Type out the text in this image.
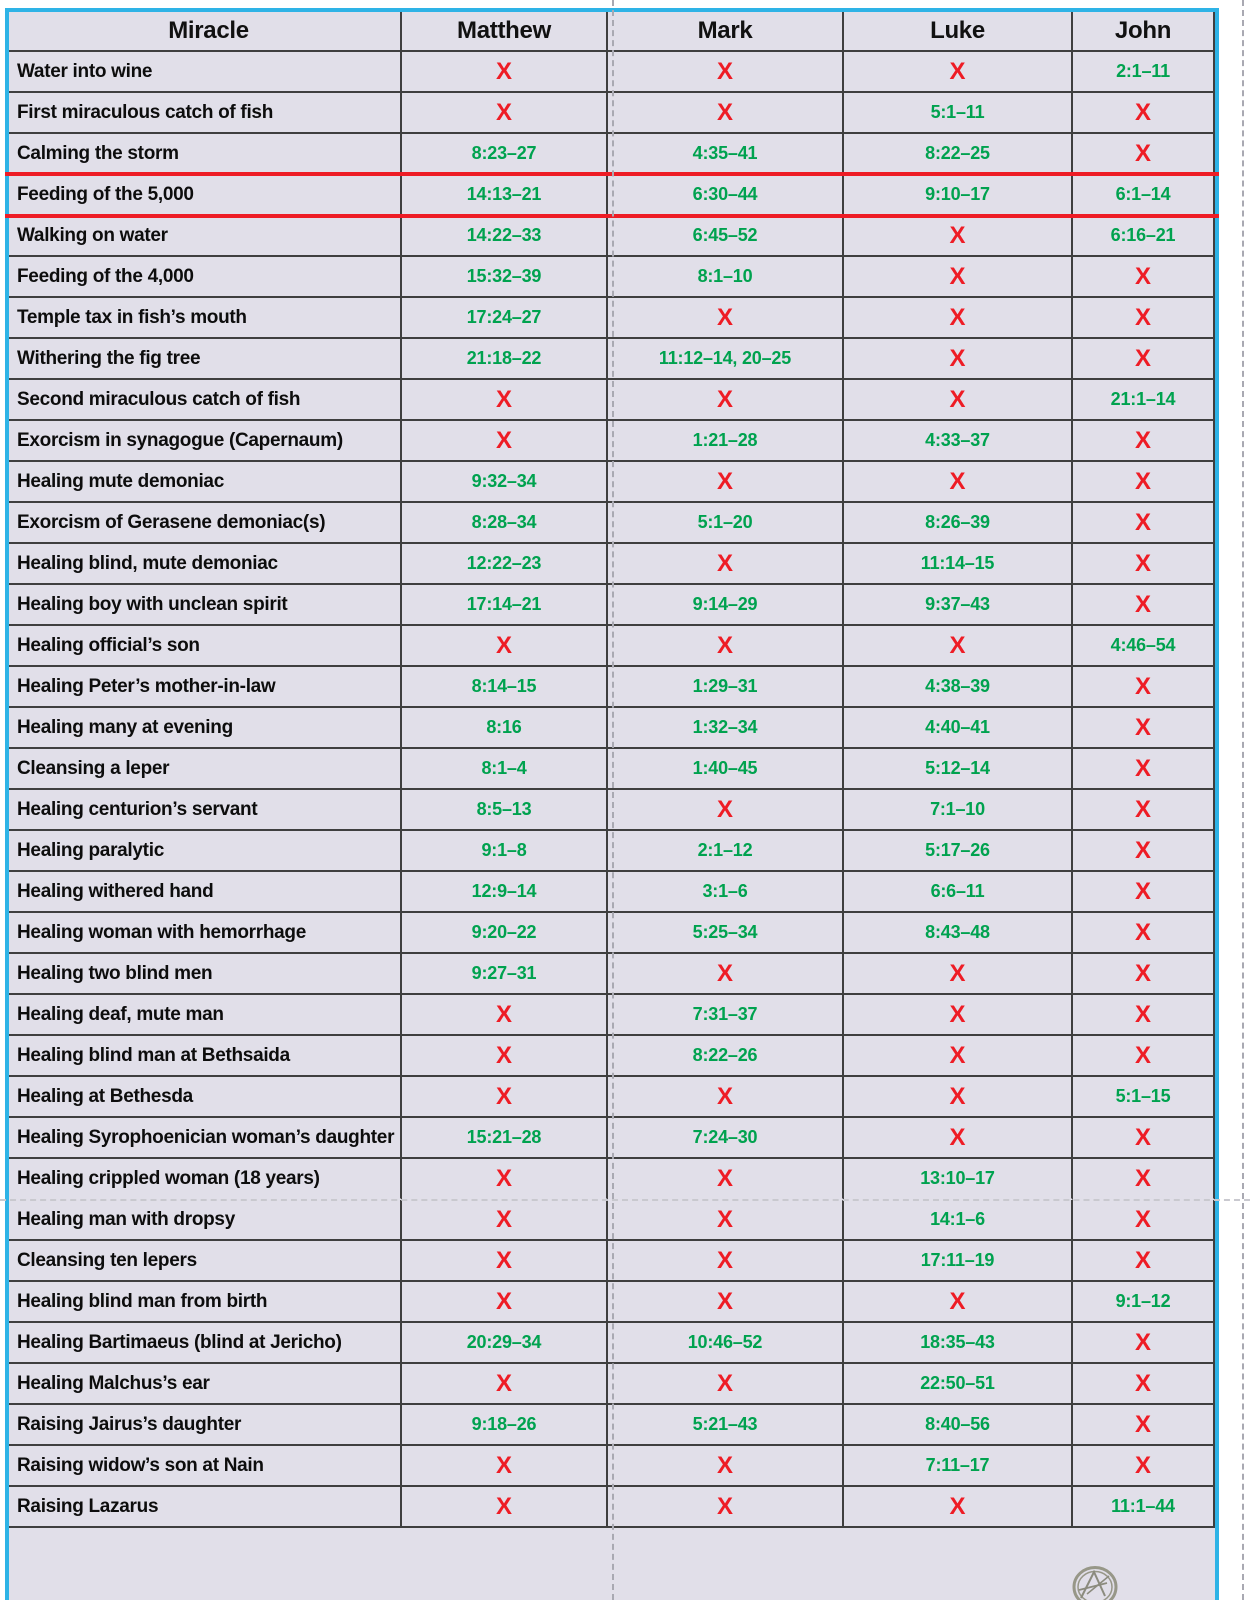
Miracle	Matthew	Mark	Luke	John
Water into wine	X	X	X	2:1–11
First miraculous catch of fish	X	X	5:1–11	X
Calming the storm	8:23–27	4:35–41	8:22–25	X
Feeding of the 5,000	14:13–21	6:30–44	9:10–17	6:1–14
Walking on water	14:22–33	6:45–52	X	6:16–21
Feeding of the 4,000	15:32–39	8:1–10	X	X
Temple tax in fish’s mouth	17:24–27	X	X	X
Withering the fig tree	21:18–22	11:12–14, 20–25	X	X
Second miraculous catch of fish	X	X	X	21:1–14
Exorcism in synagogue (Capernaum)	X	1:21–28	4:33–37	X
Healing mute demoniac	9:32–34	X	X	X
Exorcism of Gerasene demoniac(s)	8:28–34	5:1–20	8:26–39	X
Healing blind, mute demoniac	12:22–23	X	11:14–15	X
Healing boy with unclean spirit	17:14–21	9:14–29	9:37–43	X
Healing official’s son	X	X	X	4:46–54
Healing Peter’s mother-in-law	8:14–15	1:29–31	4:38–39	X
Healing many at evening	8:16	1:32–34	4:40–41	X
Cleansing a leper	8:1–4	1:40–45	5:12–14	X
Healing centurion’s servant	8:5–13	X	7:1–10	X
Healing paralytic	9:1–8	2:1–12	5:17–26	X
Healing withered hand	12:9–14	3:1–6	6:6–11	X
Healing woman with hemorrhage	9:20–22	5:25–34	8:43–48	X
Healing two blind men	9:27–31	X	X	X
Healing deaf, mute man	X	7:31–37	X	X
Healing blind man at Bethsaida	X	8:22–26	X	X
Healing at Bethesda	X	X	X	5:1–15
Healing Syrophoenician woman’s daughter	15:21–28	7:24–30	X	X
Healing crippled woman (18 years)	X	X	13:10–17	X
Healing man with dropsy	X	X	14:1–6	X
Cleansing ten lepers	X	X	17:11–19	X
Healing blind man from birth	X	X	X	9:1–12
Healing Bartimaeus (blind at Jericho)	20:29–34	10:46–52	18:35–43	X
Healing Malchus’s ear	X	X	22:50–51	X
Raising Jairus’s daughter	9:18–26	5:21–43	8:40–56	X
Raising widow’s son at Nain	X	X	7:11–17	X
Raising Lazarus	X	X	X	11:1–44
